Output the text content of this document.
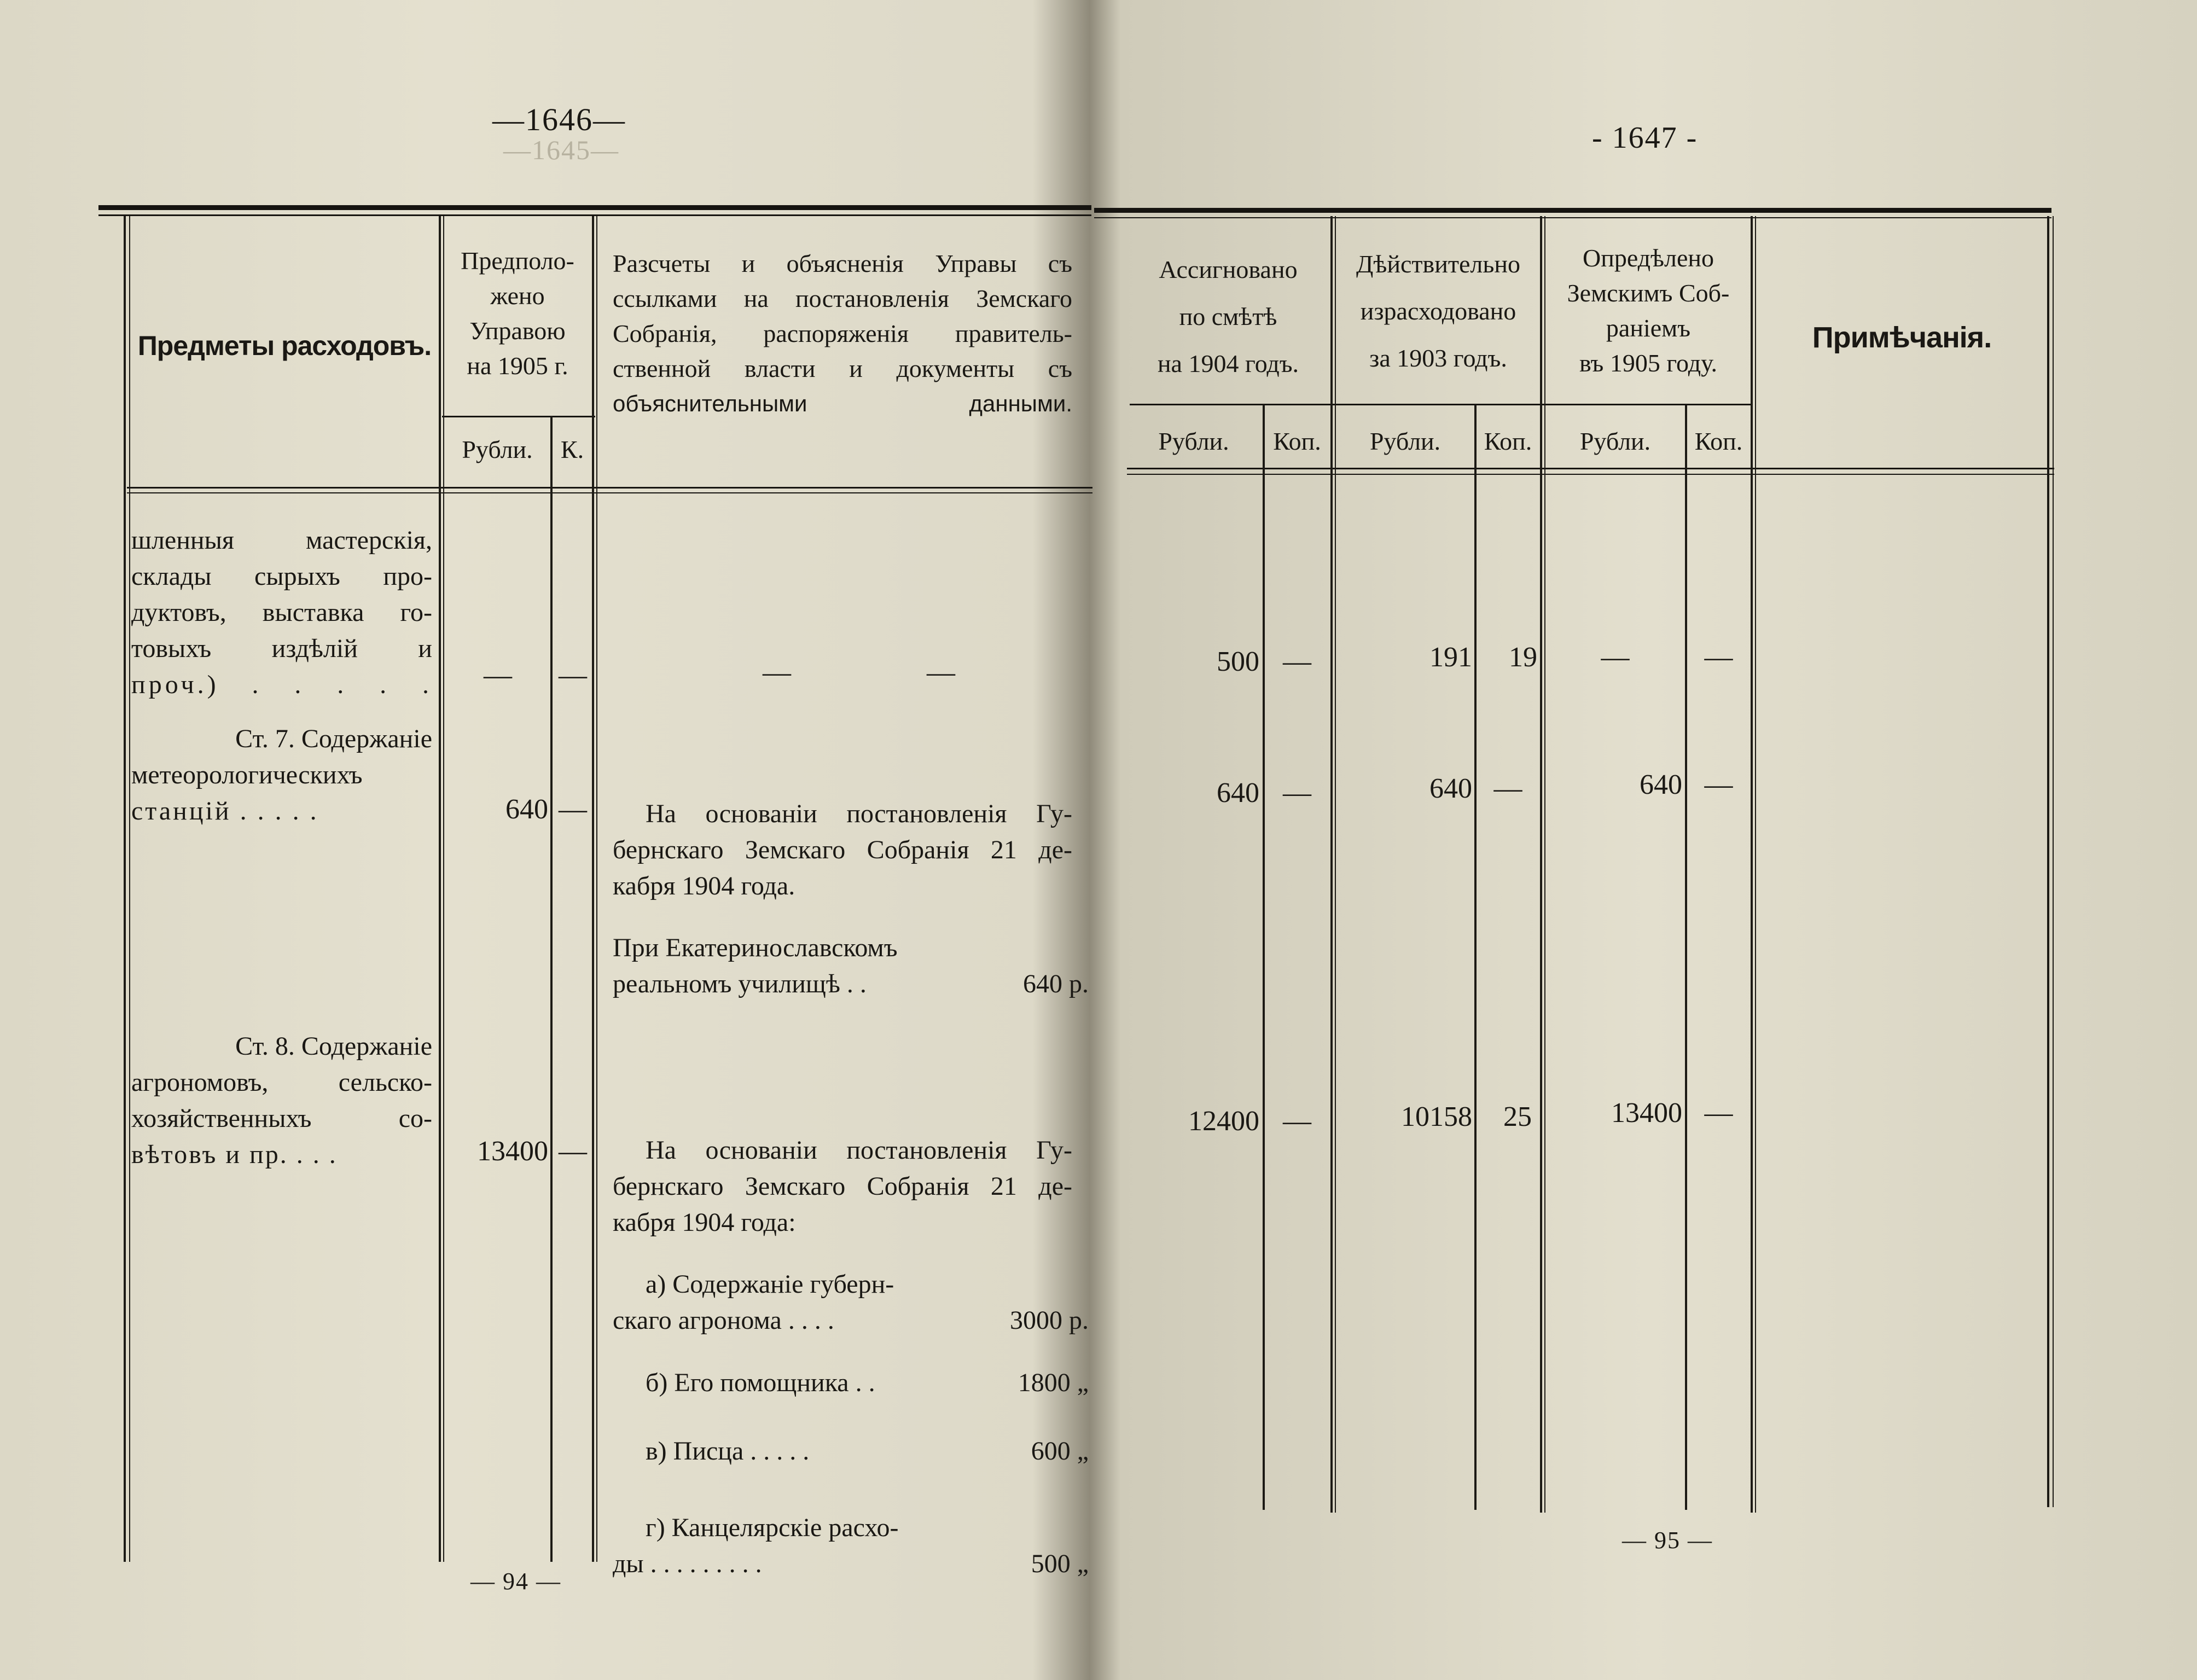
—1646—
—1645—
Предметы расходовъ.
Предполо-
жено
Управою
на 1905 г.
Рубли.	К.
Разсчеты и объясненія Управы съ
ссылками на постановленія Земскаго
Собранія, распоряженія правитель-
ственной власти и документы съ
объяснительными данными.
шленныя мастерскія,
склады сырыхъ про-
дуктовъ, выставка го-
товыхъ издѣлій и
проч.) . . . . .	—	—	—	—
Ст. 7. Содержаніе
метеорологическихъ
станцій . . . . .	640 —	На основаніи постановленія Гу-
бернскаго Земскаго Собранія 21 де-
кабря 1904 года.
При Екатеринославскомъ
реальномъ училищѣ . .	640 р.
Ст. 8. Содержаніе
агрономовъ, сельско-
хозяйственныхъ со-
вѣтовъ и пр. . . .	13400 —	На основаніи постановленія Гу-
бернскаго Земскаго Собранія 21 де-
кабря 1904 года:
а) Содержаніе губерн-
скаго агронома . . . .	3000 р.
б) Его помощника . .	1800 „
в) Писца . . . . .	600 „
г) Канцелярскіе расхо-
ды . . . . . . . . .	500 „
— 94 —
- 1647 -
Ассигновано
по смѣтѣ
на 1904 годъ.
Дѣйствительно
израсходовано
за 1903 годъ.
Опредѣлено
Земскимъ Соб-
раніемъ
въ 1905 году.
Примѣчанія.
Рубли.	Коп.	Рубли.	Коп.	Рубли.	Коп.
500 —	191	19	—	—
640 —	640 —	640 —
12400 —	10158	25	13400 —
— 95 —
